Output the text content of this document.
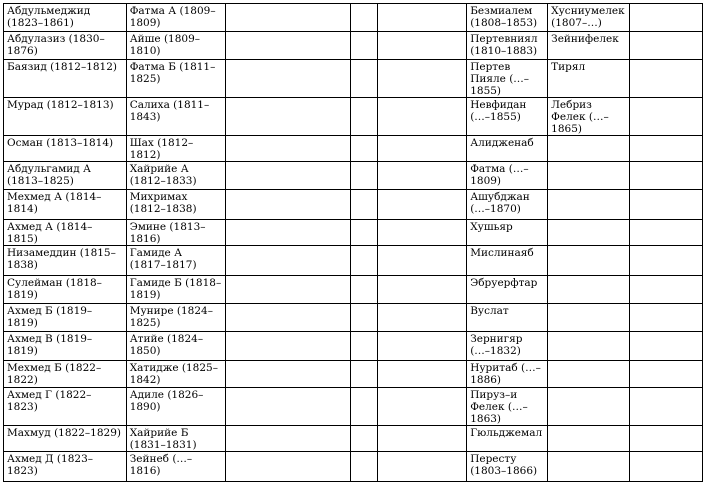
Абдульмеджид (1823–1861)	Фатма А (1809–1809)				Безмиалем (1808–1853)	Хусниумелек (1807–…)	
Абдулазиз (1830–1876)	Айше (1809–1810)				Пертевниял (1810–1883)	Зейнифелек	
Баязид (1812–1812)	Фатма Б (1811–1825)				Пертев Пияле (…–1855)	Тирял	
Мурад (1812–1813)	Салиха (1811–1843)				Невфидан (…–1855)	Лебриз Фелек (…–1865)	
Осман (1813–1814)	Шах (1812–1812)				Алидженаб		
Абдульгамид А (1813–1825)	Хайрийе А (1812–1833)				Фатма (…–1809)		
Мехмед А (1814–1814)	Михримах (1812–1838)				Ашубджан (…–1870)		
Ахмед А (1814–1815)	Эмине (1813–1816)				Хушьяр		
Низамеддин (1815–1838)	Гамиде А (1817–1817)				Мислинаяб		
Сулейман (1818–1819)	Гамиде Б (1818–1819)				Эбруерфтар		
Ахмед Б (1819–1819)	Мунире (1824–1825)				Вуслат		
Ахмед В (1819–1819)	Атийе (1824–1850)				Зернигяр (…–1832)		
Мехмед Б (1822–1822)	Хатидже (1825–1842)				Нуритаб (…–1886)		
Ахмед Г (1822–1823)	Адиле (1826–1890)				Пируз–и Фелек (…–1863)		
Махмуд (1822–1829)	Хайрийе Б (1831–1831)				Гюльджемал		
Ахмед Д (1823–1823)	Зейнеб (…–1816)				Пересту (1803–1866)		
